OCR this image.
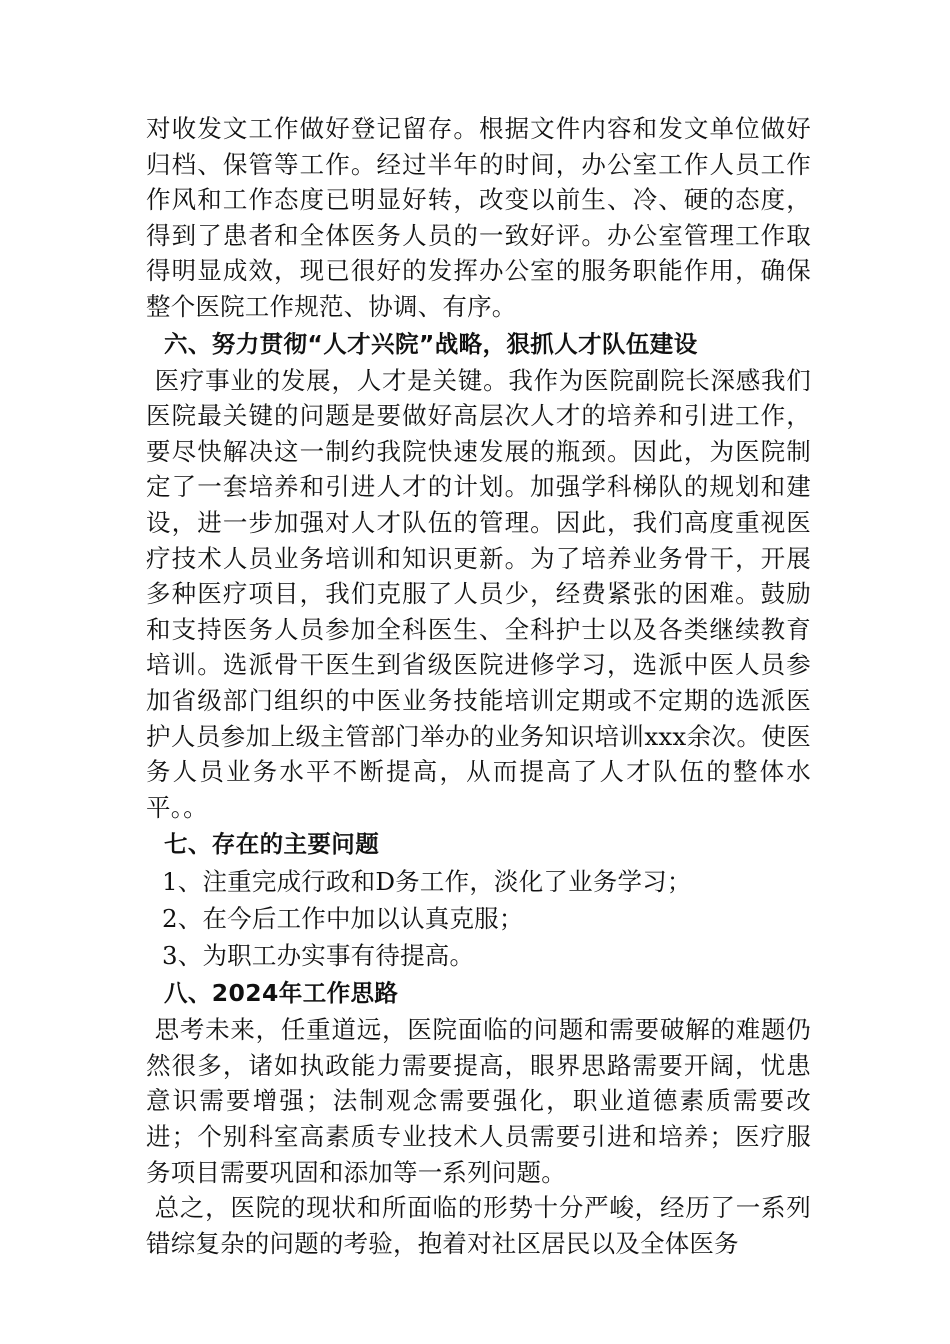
对收发文工作做好登记留存。根据文件内容和发文单位做好归档、保管等工作。经过半年的时间，办公室工作人员工作作风和工作态度已明显好转，改变以前生、冷、硬的态度，得到了患者和全体医务人员的一致好评。办公室管理工作取得明显成效，现已很好的发挥办公室的服务职能作用，确保整个医院工作规范、协调、有序。

六、努力贯彻“人才兴院”战略，狠抓人才队伍建设

医疗事业的发展，人才是关键。我作为医院副院长深感我们医院最关键的问题是要做好高层次人才的培养和引进工作，要尽快解决这一制约我院快速发展的瓶颈。因此，为医院制定了一套培养和引进人才的计划。加强学科梯队的规划和建设，进一步加强对人才队伍的管理。因此，我们高度重视医疗技术人员业务培训和知识更新。为了培养业务骨干，开展多种医疗项目，我们克服了人员少，经费紧张的困难。鼓励和支持医务人员参加全科医生、全科护士以及各类继续教育培训。选派骨干医生到省级医院进修学习，选派中医人员参加省级部门组织的中医业务技能培训定期或不定期的选派医护人员参加上级主管部门举办的业务知识培训xxx余次。使医务人员业务水平不断提高，从而提高了人才队伍的整体水平。。

七、存在的主要问题

1、注重完成行政和D务工作，淡化了业务学习；

2、在今后工作中加以认真克服；

3、为职工办实事有待提高。

八、2024年工作思路

思考未来，任重道远，医院面临的问题和需要破解的难题仍然很多，诸如执政能力需要提高，眼界思路需要开阔，忧患意识需要增强；法制观念需要强化，职业道德素质需要改进；个别科室高素质专业技术人员需要引进和培养；医疗服务项目需要巩固和添加等一系列问题。

总之，医院的现状和所面临的形势十分严峻，经历了一系列错综复杂的问题的考验，抱着对社区居民以及全体医务
